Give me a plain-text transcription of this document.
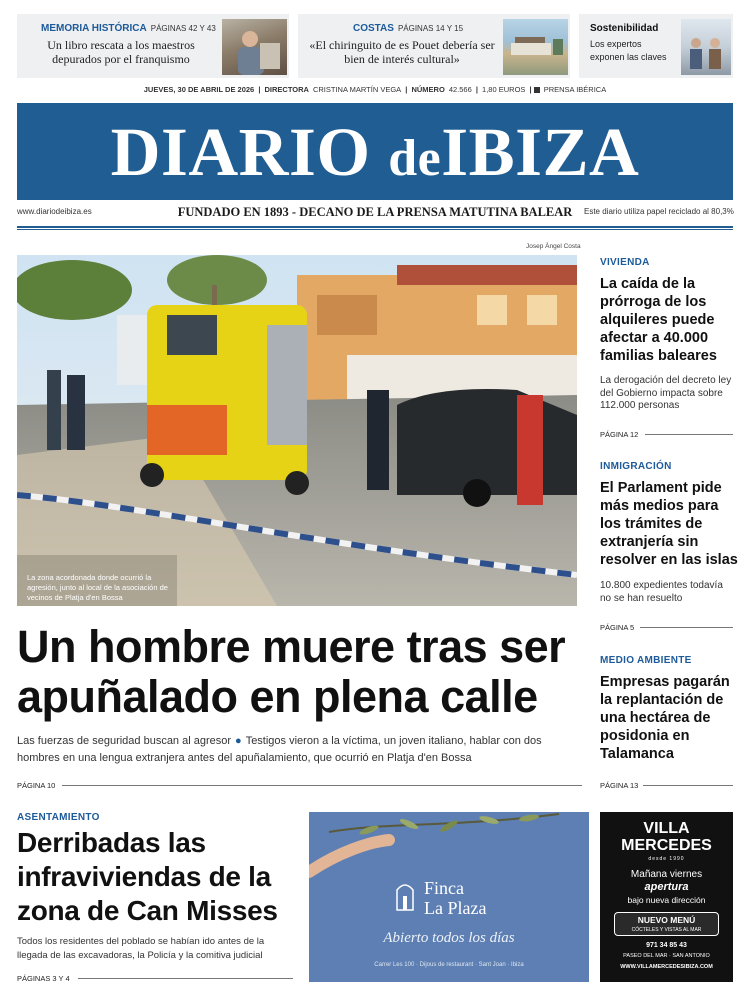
MEMORIA HISTÓRICA PÁGINAS 42 Y 43
Un libro rescata a los maestros depurados por el franquismo
COSTAS PÁGINAS 14 Y 15
«El chiringuito de es Pouet debería ser bien de interés cultural»
Sostenibilidad
Los expertos exponen las claves
JUEVES, 30 DE ABRIL DE 2026 | DIRECTORA CRISTINA MARTÍN VEGA | NÚMERO 42.566 | 1,80 EUROS | PRENSA IBÉRICA
DIARIO deIBIZA
www.diariodeibiza.es	FUNDADO EN 1893 - DECANO DE LA PRENSA MATUTINA BALEAR	Este diario utiliza papel reciclado al 80,3%
Josep Àngel Costa
La zona acordonada donde ocurrió la agresión, junto al local de la asociación de vecinos de Platja d'en Bossa
VIVIENDA
La caída de la prórroga de los alquileres puede afectar a 40.000 familias baleares
La derogación del decreto ley del Gobierno impacta sobre 112.000 personas
PÁGINA 12
INMIGRACIÓN
El Parlament pide más medios para los trámites de extranjería sin resolver en las islas
10.800 expedientes todavía no se han resuelto
PÁGINA 5
MEDIO AMBIENTE
Empresas pagarán la replantación de una hectárea de posidonia en Talamanca
PÁGINA 13
Un hombre muere tras ser apuñalado en plena calle
Las fuerzas de seguridad buscan al agresor ● Testigos vieron a la víctima, un joven italiano, hablar con dos hombres en una lengua extranjera antes del apuñalamiento, que ocurrió en Platja d'en Bossa
PÁGINA 10
ASENTAMIENTO
Derribadas las infraviviendas de la zona de Can Misses
Todos los residentes del poblado se habían ido antes de la llegada de las excavadoras, la Policía y la comitiva judicial
PÁGINAS 3 Y 4
Finca
La Plaza
Abierto todos los días
Carrer Les 100 · Dijous de restaurant · Sant Joan · Ibiza
VILLA
MERCEDES
desde 1990
Mañana viernes
apertura
bajo nueva dirección
NUEVO MENÚ
CÓCTELES Y VISTAS AL MAR
971 34 85 43
PASEO DEL MAR · SAN ANTONIO
WWW.VILLAMERCEDESIBIZA.COM
